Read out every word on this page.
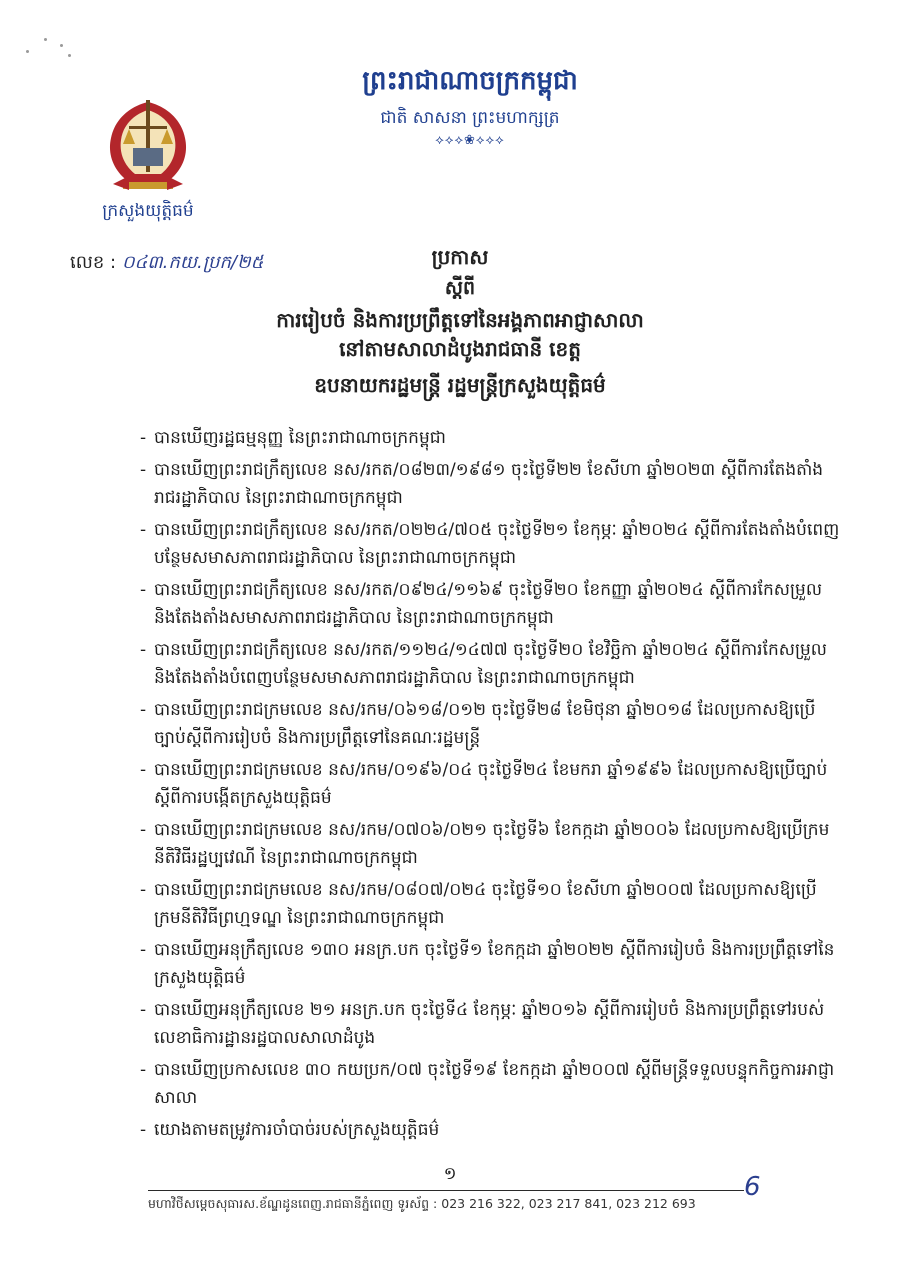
ព្រះរាជាណាចក្រកម្ពុជា
ជាតិ សាសនា ព្រះមហាក្សត្រ
⟡⟡⟡❀⟡⟡⟡
ក្រសួងយុត្តិធម៌
លេខ : ០៤៣.កយ.ប្រក/២៥	ប្រកាស
ស្តីពី
ការរៀបចំ និងការប្រព្រឹត្តទៅនៃអង្គភាពអាជ្ញាសាលា
នៅតាមសាលាដំបូងរាជធានី ខេត្ត
ឧបនាយករដ្ឋមន្ត្រី រដ្ឋមន្ត្រីក្រសួងយុត្តិធម៌
- បានឃើញរដ្ឋធម្មនុញ្ញ នៃព្រះរាជាណាចក្រកម្ពុជា
- បានឃើញព្រះរាជក្រឹត្យលេខ នស/រកត/០៨២៣/១៩៨១ ចុះថ្ងៃទី២២ ខែសីហា ឆ្នាំ២០២៣ ស្តីពីការតែងតាំងរាជរដ្ឋាភិបាល នៃព្រះរាជាណាចក្រកម្ពុជា
- បានឃើញព្រះរាជក្រឹត្យលេខ នស/រកត/០២២៤/៧០៥ ចុះថ្ងៃទី២១ ខែកុម្ភៈ ឆ្នាំ២០២៤ ស្តីពីការតែងតាំងបំពេញបន្ថែមសមាសភាពរាជរដ្ឋាភិបាល នៃព្រះរាជាណាចក្រកម្ពុជា
- បានឃើញព្រះរាជក្រឹត្យលេខ នស/រកត/០៩២៤/១១៦៩ ចុះថ្ងៃទី២០ ខែកញ្ញា ឆ្នាំ២០២៤ ស្តីពីការកែសម្រួល និងតែងតាំងសមាសភាពរាជរដ្ឋាភិបាល នៃព្រះរាជាណាចក្រកម្ពុជា
- បានឃើញព្រះរាជក្រឹត្យលេខ នស/រកត/១១២៤/១៤៧៧ ចុះថ្ងៃទី២០ ខែវិច្ឆិកា ឆ្នាំ២០២៤ ស្តីពីការកែសម្រួល និងតែងតាំងបំពេញបន្ថែមសមាសភាពរាជរដ្ឋាភិបាល នៃព្រះរាជាណាចក្រកម្ពុជា
- បានឃើញព្រះរាជក្រមលេខ នស/រកម/០៦១៨/០១២ ចុះថ្ងៃទី២៨ ខែមិថុនា ឆ្នាំ២០១៨ ដែលប្រកាសឱ្យប្រើច្បាប់ស្តីពីការរៀបចំ និងការប្រព្រឹត្តទៅនៃគណៈរដ្ឋមន្ត្រី
- បានឃើញព្រះរាជក្រមលេខ នស/រកម/០១៩៦/០៤ ចុះថ្ងៃទី២៤ ខែមករា ឆ្នាំ១៩៩៦ ដែលប្រកាសឱ្យប្រើច្បាប់ស្តីពីការបង្កើតក្រសួងយុត្តិធម៌
- បានឃើញព្រះរាជក្រមលេខ នស/រកម/០៧០៦/០២១ ចុះថ្ងៃទី៦ ខែកក្កដា ឆ្នាំ២០០៦ ដែលប្រកាសឱ្យប្រើក្រមនីតិវិធីរដ្ឋប្បវេណី នៃព្រះរាជាណាចក្រកម្ពុជា
- បានឃើញព្រះរាជក្រមលេខ នស/រកម/០៨០៧/០២៤ ចុះថ្ងៃទី១០ ខែសីហា ឆ្នាំ២០០៧ ដែលប្រកាសឱ្យប្រើក្រមនីតិវិធីព្រហ្មទណ្ឌ នៃព្រះរាជាណាចក្រកម្ពុជា
- បានឃើញអនុក្រឹត្យលេខ ១៣០ អនក្រ.បក ចុះថ្ងៃទី១ ខែកក្កដា ឆ្នាំ២០២២ ស្តីពីការរៀបចំ និងការប្រព្រឹត្តទៅនៃក្រសួងយុត្តិធម៌
- បានឃើញអនុក្រឹត្យលេខ ២១ អនក្រ.បក ចុះថ្ងៃទី៤ ខែកុម្ភៈ ឆ្នាំ២០១៦ ស្តីពីការរៀបចំ និងការប្រព្រឹត្តទៅរបស់លេខាធិការដ្ឋានរដ្ឋបាលសាលាដំបូង
- បានឃើញប្រកាសលេខ ៣០ កយប្រក/០៧ ចុះថ្ងៃទី១៩ ខែកក្កដា ឆ្នាំ២០០៧ ស្តីពីមន្ត្រីទទួលបន្ទុកកិច្ចការអាជ្ញាសាលា
- យោងតាមតម្រូវការចាំបាច់របស់ក្រសួងយុត្តិធម៌
១	6
មហាវិថីសម្តេចសុធារស.ខ័ណ្ឌដូនពេញ.រាជធានីភ្នំពេញ ទូរស័ព្ទ : 023 216 322, 023 217 841, 023 212 693
